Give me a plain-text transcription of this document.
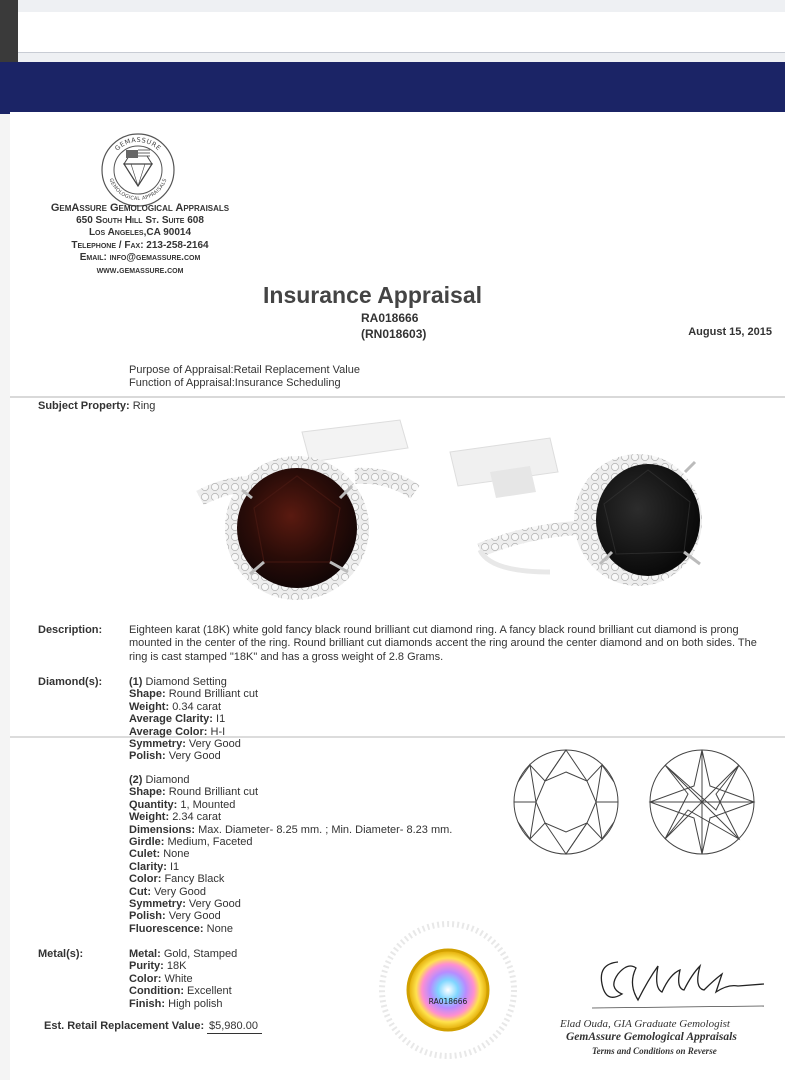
GEMASSURE
GEMOLOGICAL APPRAISALS
GemAssure Gemological Appraisals
650 South Hill St. Suite 608
Los Angeles,CA 90014
Telephone / Fax: 213-258-2164
Email: info@gemassure.com
www.gemassure.com
Insurance Appraisal
RA018666
(RN018603)	August 15, 2015
Purpose of Appraisal:Retail Replacement Value
Function of Appraisal:Insurance Scheduling
Subject Property: Ring
Description: Eighteen karat (18K) white gold fancy black round brilliant cut diamond ring. A fancy black round brilliant cut diamond is prong mounted in the center of the ring. Round brilliant cut diamonds accent the ring around the center diamond and on both sides. The ring is cast stamped "18K" and has a gross weight of 2.8 Grams.
Diamond(s): (1) Diamond Setting
Shape: Round Brilliant cut
Weight: 0.34 carat
Average Clarity: I1
Average Color: H-I
Symmetry: Very Good
Polish: Very Good
(2) Diamond
Shape: Round Brilliant cut
Quantity: 1, Mounted
Weight: 2.34 carat
Dimensions: Max. Diameter- 8.25 mm. ; Min. Diameter- 8.23 mm.
Girdle: Medium, Faceted
Culet: None
Clarity: I1
Color: Fancy Black
Cut: Very Good
Symmetry: Very Good
Polish: Very Good
Fluorescence: None
Metal(s):	Metal: Gold, Stamped
Purity: 18K
Color: White
Condition: Excellent
Finish: High polish	RA018666
Elad Ouda, GIA Graduate Gemologist
GemAssure Gemological Appraisals
Terms and Conditions on Reverse
Est. Retail Replacement Value: $5,980.00
